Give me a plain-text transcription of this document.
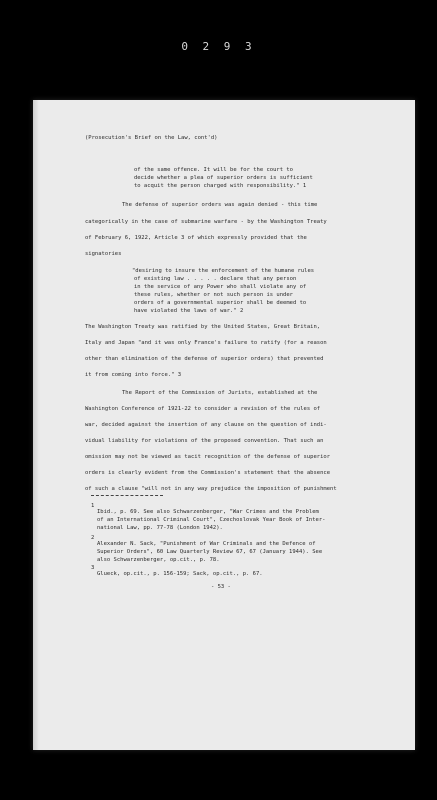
0 2 9 3
(Prosecution's Brief on the Law, cont'd)
of the same offence. It will be for the court to
decide whether a plea of superior orders is sufficient
to acquit the person charged with responsibility." 1
The defense of superior orders was again denied - this time
categorically in the case of submarine warfare - by the Washington Treaty
of February 6, 1922, Article 3 of which expressly provided that the
signatories
"desiring to insure the enforcement of the humane rules
of existing law . . . . . declare that any person
in the service of any Power who shall violate any of
these rules, whether or not such person is under
orders of a governmental superior shall be deemed to
have violated the laws of war." 2
The Washington Treaty was ratified by the United States, Great Britain,
Italy and Japan "and it was only France's failure to ratify (for a reason
other than elimination of the defense of superior orders) that prevented
it from coming into force." 3
The Report of the Commission of Jurists, established at the
Washington Conference of 1921-22 to consider a revision of the rules of
war, decided against the insertion of any clause on the question of indi-
vidual liability for violations of the proposed convention. That such an
omission may not be viewed as tacit recognition of the defense of superior
orders is clearly evident from the Commission's statement that the absence
of such a clause "will not in any way prejudice the imposition of punishment
1
Ibid., p. 69. See also Schwarzenberger, "War Crimes and the Problem
of an International Criminal Court", Czechoslovak Year Book of Inter-
national Law, pp. 77-78 (London 1942).
2
Alexander N. Sack, "Punishment of War Criminals and the Defence of
Superior Orders", 60 Law Quarterly Review 67, 67 (January 1944). See
also Schwarzenberger, op.cit., p. 78.
3
Glueck, op.cit., p. 156-159; Sack, op.cit., p. 67.
- 53 -
